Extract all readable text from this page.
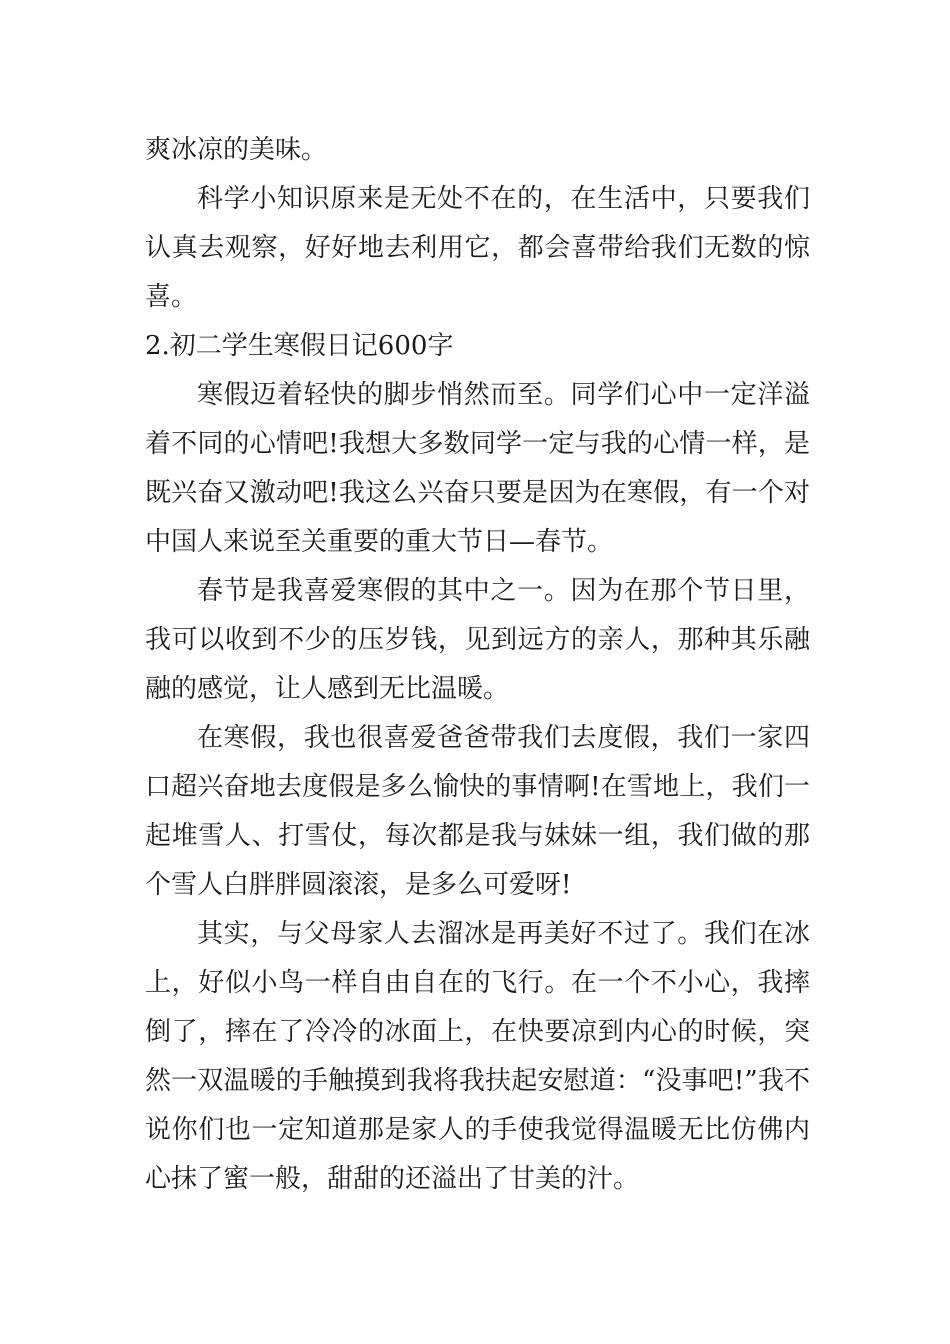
爽冰凉的美味。

科学小知识原来是无处不在的，在生活中，只要我们认真去观察，好好地去利用它，都会喜带给我们无数的惊喜。

2.初二学生寒假日记600字

寒假迈着轻快的脚步悄然而至。同学们心中一定洋溢着不同的心情吧!我想大多数同学一定与我的心情一样，是既兴奋又激动吧!我这么兴奋只要是因为在寒假，有一个对中国人来说至关重要的重大节日—春节。

春节是我喜爱寒假的其中之一。因为在那个节日里，我可以收到不少的压岁钱，见到远方的亲人，那种其乐融融的感觉，让人感到无比温暖。

在寒假，我也很喜爱爸爸带我们去度假，我们一家四口超兴奋地去度假是多么愉快的事情啊!在雪地上，我们一起堆雪人、打雪仗，每次都是我与妹妹一组，我们做的那个雪人白胖胖圆滚滚，是多么可爱呀!

其实，与父母家人去溜冰是再美好不过了。我们在冰上，好似小鸟一样自由自在的飞行。在一个不小心，我摔倒了，摔在了冷冷的冰面上，在快要凉到内心的时候，突然一双温暖的手触摸到我将我扶起安慰道：“没事吧!”我不说你们也一定知道那是家人的手使我觉得温暖无比仿佛内心抹了蜜一般，甜甜的还溢出了甘美的汁。
